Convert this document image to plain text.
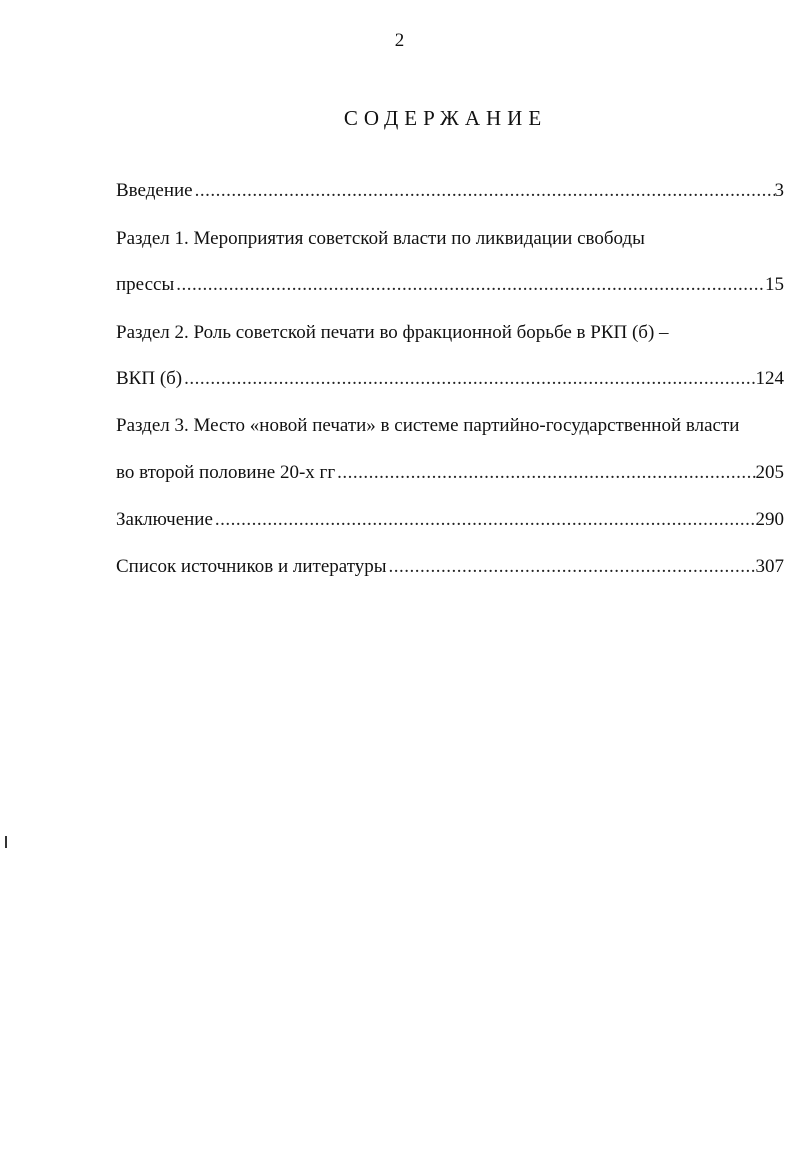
2
СОДЕРЖАНИЕ
Введение .....	3
Раздел 1. Мероприятия советской власти по ликвидации свободы
прессы .....	15
Раздел 2. Роль советской печати во фракционной борьбе в РКП (б) –
ВКП (б) .....	124
Раздел 3. Место «новой печати» в системе партийно-государственной власти
во второй половине 20-х гг .....	205
Заключение .....	290
Список источников и литературы .....	307
